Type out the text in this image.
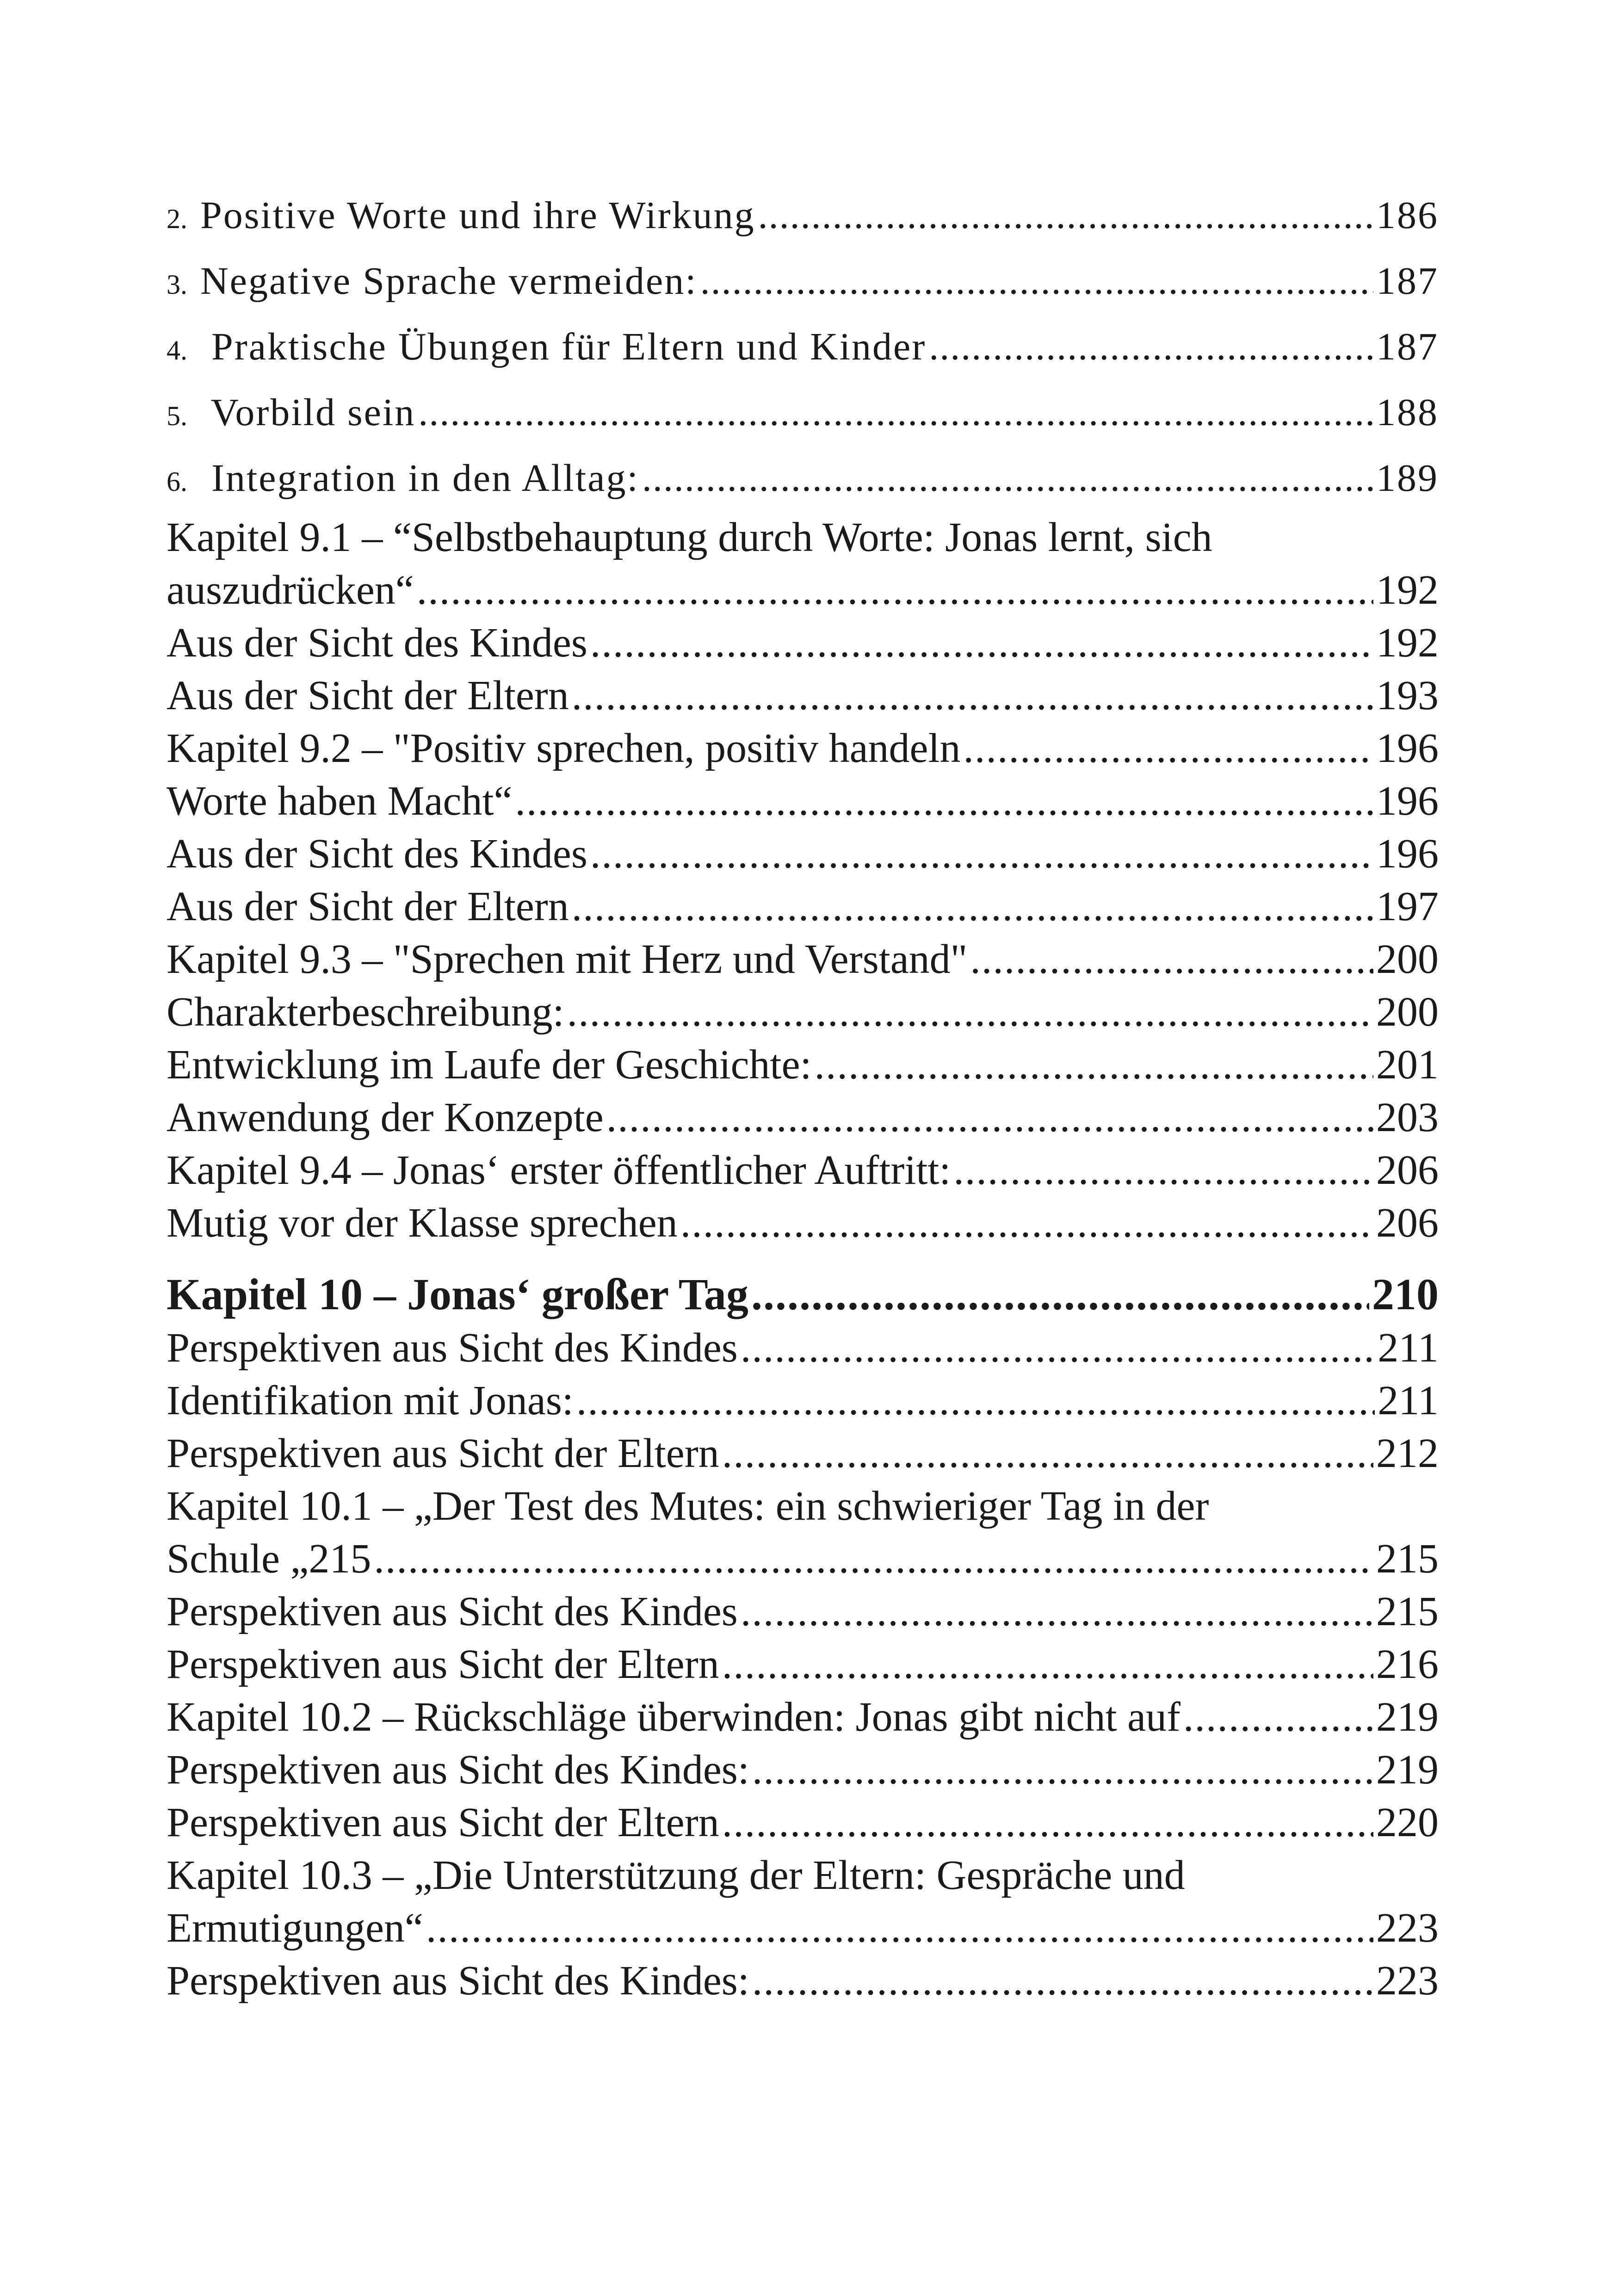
2. Positive Worte und ihre Wirkung .....	186
3. Negative Sprache vermeiden: .....	187
4. Praktische Übungen für Eltern und Kinder .....	187
5. Vorbild sein .....	188
6. Integration in den Alltag: .....	189
Kapitel 9.1 – “Selbstbehauptung durch Worte: Jonas lernt, sich
auszudrücken“ .....	192
Aus der Sicht des Kindes .....	192
Aus der Sicht der Eltern .....	193
Kapitel 9.2 – "Positiv sprechen, positiv handeln .....	196
Worte haben Macht“ .....	196
Aus der Sicht des Kindes .....	196
Aus der Sicht der Eltern .....	197
Kapitel 9.3 – "Sprechen mit Herz und Verstand" .....	200
Charakterbeschreibung: .....	200
Entwicklung im Laufe der Geschichte: .....	201
Anwendung der Konzepte .....	203
Kapitel 9.4 – Jonas‘ erster öffentlicher Auftritt: .....	206
Mutig vor der Klasse sprechen .....	206
Kapitel 10 – Jonas‘ großer Tag .....	210
Perspektiven aus Sicht des Kindes .....	211
Identifikation mit Jonas: .....	211
Perspektiven aus Sicht der Eltern .....	212
Kapitel 10.1 – „Der Test des Mutes: ein schwieriger Tag in der
Schule „215 .....	215
Perspektiven aus Sicht des Kindes .....	215
Perspektiven aus Sicht der Eltern .....	216
Kapitel 10.2 – Rückschläge überwinden: Jonas gibt nicht auf .....	219
Perspektiven aus Sicht des Kindes: .....	219
Perspektiven aus Sicht der Eltern .....	220
Kapitel 10.3 – „Die Unterstützung der Eltern: Gespräche und
Ermutigungen“ .....	223
Perspektiven aus Sicht des Kindes: .....	223
